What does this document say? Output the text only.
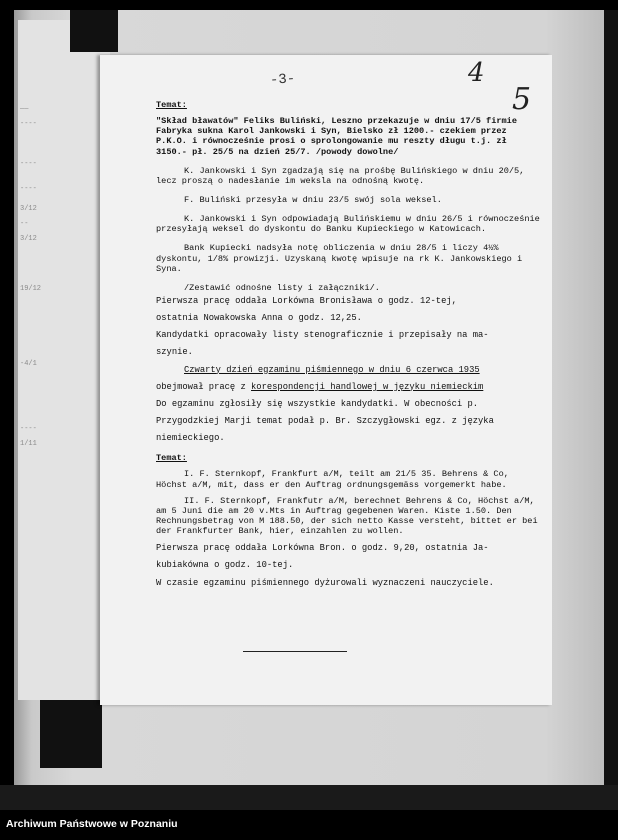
——
----
----
----
3/12
--
3/12
19/12
-4/1
----
1/11
-3-	4
5

Temat:

"Skład bławatów" Feliks Buliński, Leszno przekazuje w dniu 17/5 firmie Fabryka sukna Karol Jankowski i Syn, Bielsko zł 1200.- czekiem przez P.K.O. i równocześnie prosi o sprolongowanie mu reszty długu t.j. zł 3150.- pł. 25/5 na dzień 25/7. /powody dowolne/

K. Jankowski i Syn zgadzają się na prośbę Bulińskiego w dniu 20/5, lecz proszą o nadesłanie im weksla na odnośną kwotę.

F. Buliński przesyła w dniu 23/5 swój sola weksel.

K. Jankowski i Syn odpowiadają Bulińskiemu w dniu 26/5 i równocześnie przesyłają weksel do dyskontu do Banku Kupieckiego w Katowicach.

Bank Kupiecki nadsyła notę obliczenia w dniu 28/5 i liczy 4½% dyskontu, 1/8% prowizji. Uzyskaną kwotę wpisuje na rk K. Jankowskiego i Syna.

/Zestawić odnośne listy i załączniki/.

Pierwsza pracę oddała Lorkówna Bronisława o godz. 12-tej,

ostatnia Nowakowska Anna o godz. 12,25.

Kandydatki opracowały listy stenograficznie i przepisały na ma-

szynie.

Czwarty dzień egzaminu piśmiennego w dniu 6 czerwca 1935

obejmował pracę z korespondencji handlowej w języku niemieckim

Do egzaminu zgłosiły się wszystkie kandydatki. W obecności p.

Przygodzkiej Marji temat podał p. Br. Szczygłowski egz. z języka

niemieckiego.

Temat:

I. F. Sternkopf, Frankfurt a/M, teilt am 21/5 35. Behrens & Co, Höchst a/M, mit, dass er den Auftrag ordnungsgemäss vorgemerkt habe.

II. F. Sternkopf, Frankfutr a/M, berechnet Behrens & Co, Höchst a/M, am 5 Juni die am 20 v.Mts in Auftrag gegebenen Waren. Kiste 1.50. Den Rechnungsbetrag von M 188.50, der sich netto Kasse versteht, bittet er bei der Frankfurter Bank, hier, einzahlen zu wollen.

Pierwsza pracę oddała Lorkówna Bron. o godz. 9,20, ostatnia Ja-

kubiakówna o godz. 10-tej.

W czasie egzaminu piśmiennego dyżurowali wyznaczeni nauczyciele.

Archiwum Państwowe w Poznaniu
